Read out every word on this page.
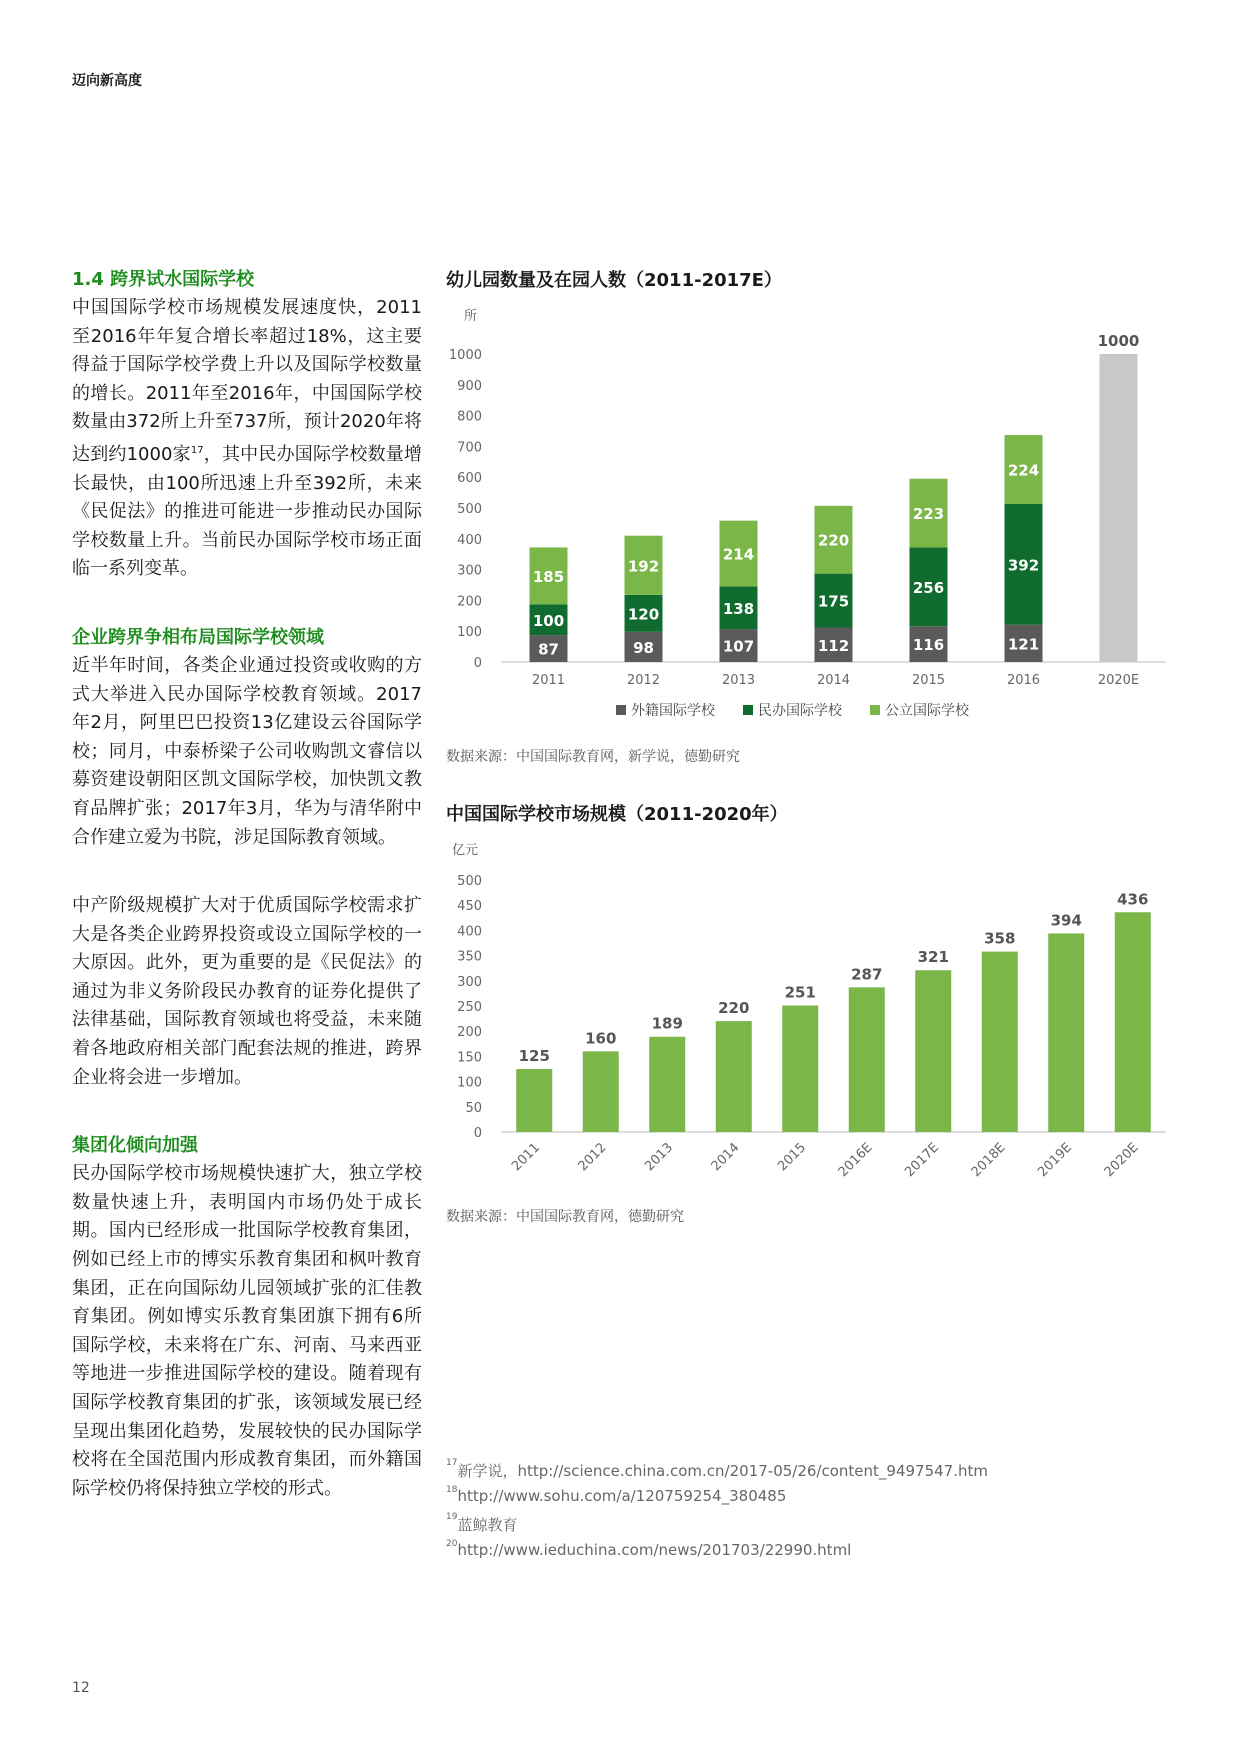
迈向新高度
1.4 跨界试水国际学校

中国国际学校市场规模发展速度快，2011至2016年年复合增长率超过18%，这主要得益于国际学校学费上升以及国际学校数量的增长。2011年至2016年，中国国际学校数量由372所上升至737所，预计2020年将达到约1000家$^{17}$，其中民办国际学校数量增长最快，由100所迅速上升至392所，未来《民促法》的推进可能进一步推动民办国际学校数量上升。当前民办国际学校市场正面临一系列变革。

企业跨界争相布局国际学校领域

近半年时间，各类企业通过投资或收购的方式大举进入民办国际学校教育领域。2017年2月，阿里巴巴投资13亿建设云谷国际学校；同月，中泰桥梁子公司收购凯文睿信以募资建设朝阳区凯文国际学校，加快凯文教育品牌扩张；2017年3月，华为与清华附中合作建立爱为书院，涉足国际教育领域。

中产阶级规模扩大对于优质国际学校需求扩大是各类企业跨界投资或设立国际学校的一大原因。此外，更为重要的是《民促法》的通过为非义务阶段民办教育的证券化提供了法律基础，国际教育领域也将受益，未来随着各地政府相关部门配套法规的推进，跨界企业将会进一步增加。

集团化倾向加强

民办国际学校市场规模快速扩大，独立学校数量快速上升，表明国内市场仍处于成长期。国内已经形成一批国际学校教育集团，例如已经上市的博实乐教育集团和枫叶教育集团，正在向国际幼儿园领域扩张的汇佳教育集团。例如博实乐教育集团旗下拥有6所国际学校，未来将在广东、河南、马来西亚等地进一步推进国际学校的建设。随着现有国际学校教育集团的扩张，该领域发展已经呈现出集团化趋势，发展较快的民办国际学校将在全国范围内形成教育集团，而外籍国际学校仍将保持独立学校的形式。

幼儿园数量及在园人数（2011-2017E）
所
0
100
200
300
400
500
600
700
800
900
1000
87
100
185
2011
98
120
192
2012
107
138
214
2013
112
175
220
2014
116
256
223
2015
121
392
224
2016
1000
2020E
外籍国际学校	民办国际学校	公立国际学校
数据来源：中国国际教育网，新学说，德勤研究
中国国际学校市场规模（2011-2020年）
亿元
0
50
100
150
200
250
300
350
400
450
500
125
2011
160
2012
189
2013
220
2014
251
2015
287
2016E
321
2017E
358
2018E
394
2019E
436
2020E
数据来源：中国国际教育网，德勤研究
$^{17}$新学说，http://science.china.com.cn/2017-05/26/content_9497547.htm
$^{18}$http://www.sohu.com/a/120759254_380485
$^{19}$蓝鲸教育
$^{20}$http://www.ieduchina.com/news/201703/22990.html
12
